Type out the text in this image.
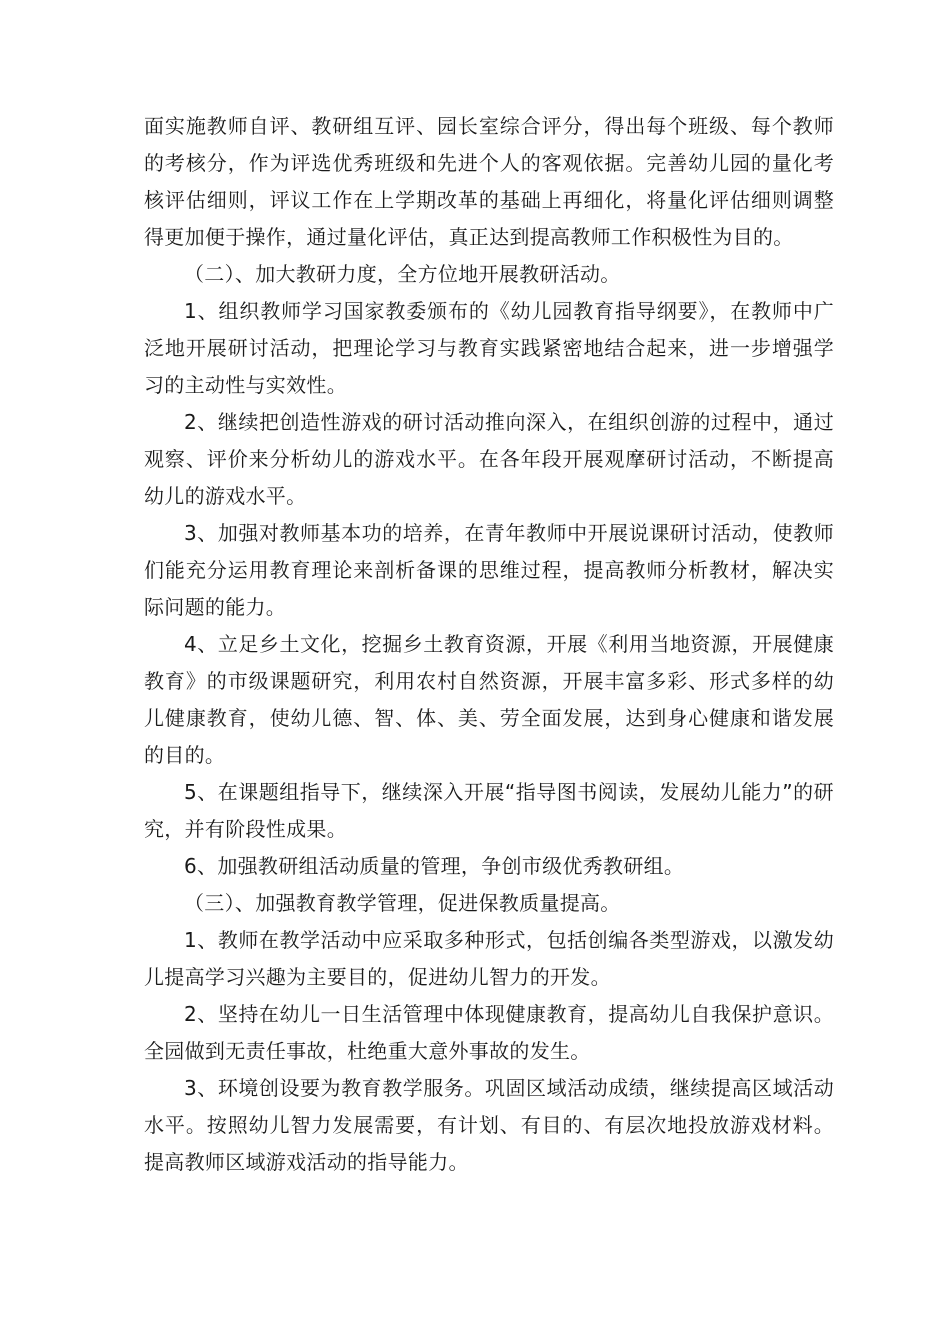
面实施教师自评、教研组互评、园长室综合评分，得出每个班级、每个教师的考核分，作为评选优秀班级和先进个人的客观依据。完善幼儿园的量化考核评估细则，评议工作在上学期改革的基础上再细化，将量化评估细则调整得更加便于操作，通过量化评估，真正达到提高教师工作积极性为目的。

（二）、加大教研力度，全方位地开展教研活动。

1、组织教师学习国家教委颁布的《幼儿园教育指导纲要》，在教师中广泛地开展研讨活动，把理论学习与教育实践紧密地结合起来，进一步增强学习的主动性与实效性。

2、继续把创造性游戏的研讨活动推向深入，在组织创游的过程中，通过观察、评价来分析幼儿的游戏水平。在各年段开展观摩研讨活动，不断提高幼儿的游戏水平。

3、加强对教师基本功的培养，在青年教师中开展说课研讨活动，使教师们能充分运用教育理论来剖析备课的思维过程，提高教师分析教材，解决实际问题的能力。

4、立足乡土文化，挖掘乡土教育资源，开展《利用当地资源，开展健康教育》的市级课题研究，利用农村自然资源，开展丰富多彩、形式多样的幼儿健康教育，使幼儿德、智、体、美、劳全面发展，达到身心健康和谐发展的目的。

5、在课题组指导下，继续深入开展“指导图书阅读，发展幼儿能力”的研究，并有阶段性成果。

6、加强教研组活动质量的管理，争创市级优秀教研组。

（三）、加强教育教学管理，促进保教质量提高。

1、教师在教学活动中应采取多种形式，包括创编各类型游戏，以激发幼儿提高学习兴趣为主要目的，促进幼儿智力的开发。

2、坚持在幼儿一日生活管理中体现健康教育，提高幼儿自我保护意识。全园做到无责任事故，杜绝重大意外事故的发生。

3、环境创设要为教育教学服务。巩固区域活动成绩，继续提高区域活动水平。按照幼儿智力发展需要，有计划、有目的、有层次地投放游戏材料。提高教师区域游戏活动的指导能力。
